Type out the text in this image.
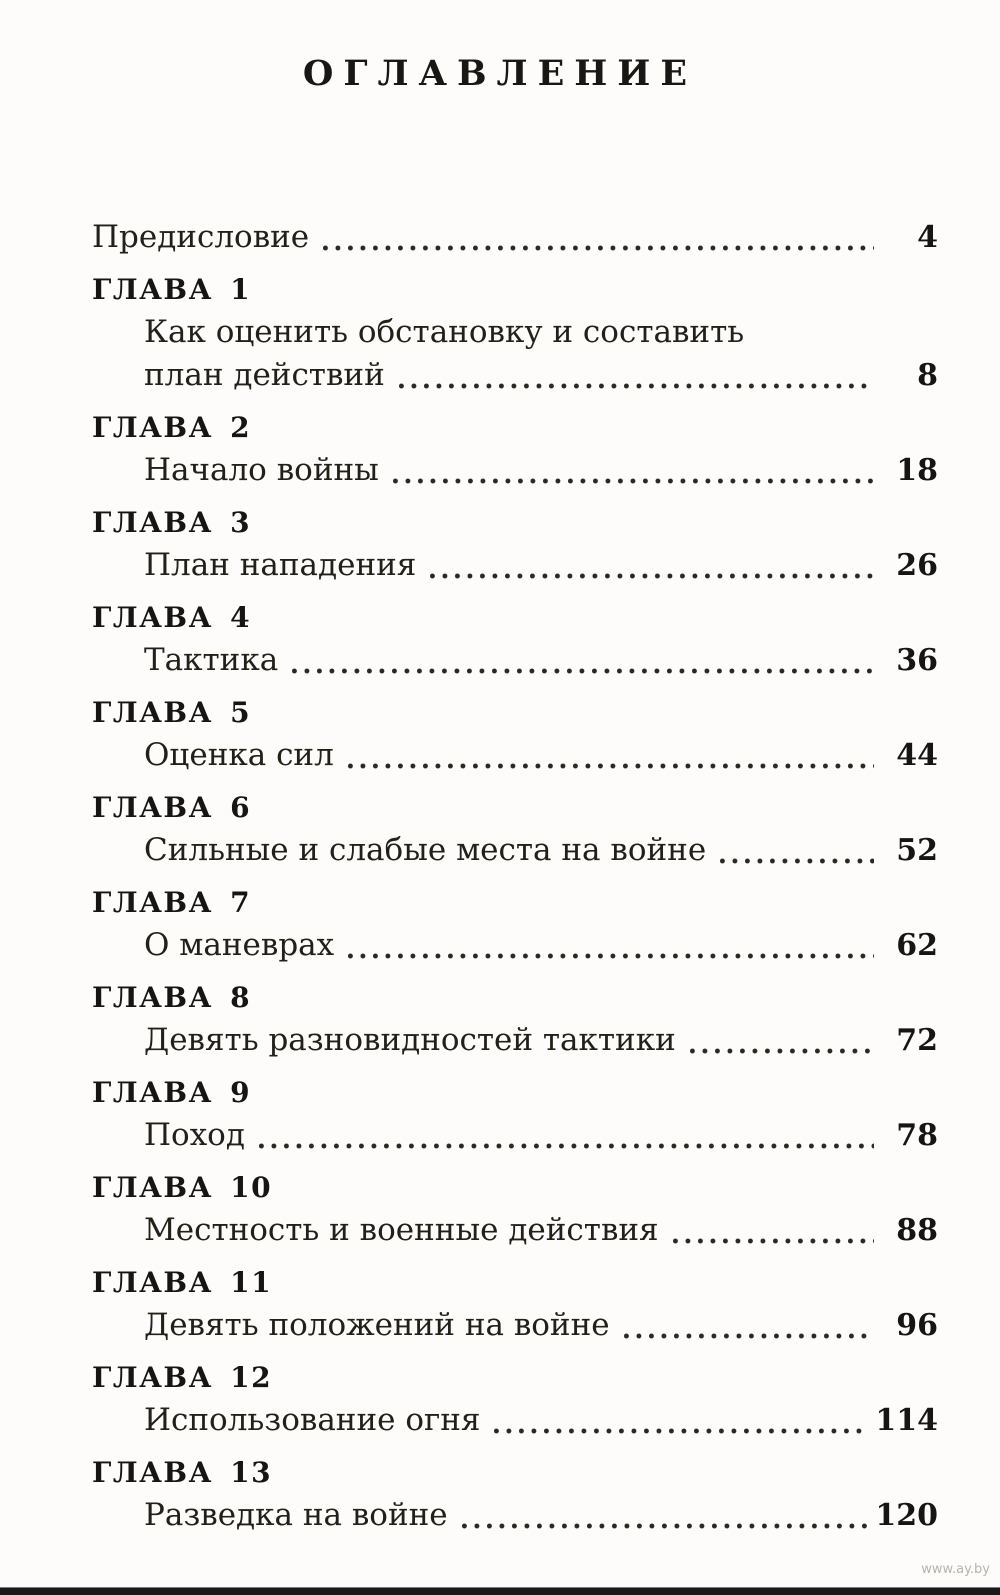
ОГЛАВЛЕНИЕ
Предисловие	4
ГЛАВА 1
Как оценить обстановку и составить
план действий	8
ГЛАВА 2
Начало войны	18
ГЛАВА 3
План нападения	26
ГЛАВА 4
Тактика	36
ГЛАВА 5
Оценка сил	44
ГЛАВА 6
Сильные и слабые места на войне	52
ГЛАВА 7
О маневрах	62
ГЛАВА 8
Девять разновидностей тактики	72
ГЛАВА 9
Поход	78
ГЛАВА 10
Местность и военные действия	88
ГЛАВА 11
Девять положений на войне	96
ГЛАВА 12
Использование огня	114
ГЛАВА 13
Разведка на войне	120
www.ay.by
